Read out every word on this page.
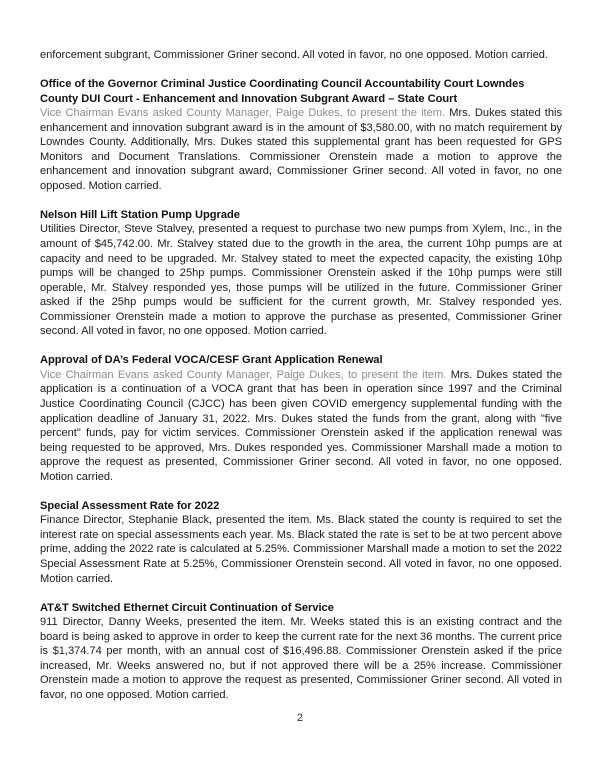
enforcement subgrant, Commissioner Griner second. All voted in favor, no one opposed. Motion carried.

Office of the Governor Criminal Justice Coordinating Council Accountability Court Lowndes County DUI Court - Enhancement and Innovation Subgrant Award – State Court

Vice Chairman Evans asked County Manager, Paige Dukes, to present the item. Mrs. Dukes stated this enhancement and innovation subgrant award is in the amount of $3,580.00, with no match requirement by Lowndes County. Additionally, Mrs. Dukes stated this supplemental grant has been requested for GPS Monitors and Document Translations. Commissioner Orenstein made a motion to approve the enhancement and innovation subgrant award, Commissioner Griner second. All voted in favor, no one opposed. Motion carried.

Nelson Hill Lift Station Pump Upgrade

Utilities Director, Steve Stalvey, presented a request to purchase two new pumps from Xylem, Inc., in the amount of $45,742.00. Mr. Stalvey stated due to the growth in the area, the current 10hp pumps are at capacity and need to be upgraded. Mr. Stalvey stated to meet the expected capacity, the existing 10hp pumps will be changed to 25hp pumps. Commissioner Orenstein asked if the 10hp pumps were still operable, Mr. Stalvey responded yes, those pumps will be utilized in the future. Commissioner Griner asked if the 25hp pumps would be sufficient for the current growth, Mr. Stalvey responded yes. Commissioner Orenstein made a motion to approve the purchase as presented, Commissioner Griner second. All voted in favor, no one opposed. Motion carried.

Approval of DA’s Federal VOCA/CESF Grant Application Renewal

Vice Chairman Evans asked County Manager, Paige Dukes, to present the item. Mrs. Dukes stated the application is a continuation of a VOCA grant that has been in operation since 1997 and the Criminal Justice Coordinating Council (CJCC) has been given COVID emergency supplemental funding with the application deadline of January 31, 2022. Mrs. Dukes stated the funds from the grant, along with "five percent" funds, pay for victim services. Commissioner Orenstein asked if the application renewal was being requested to be approved, Mrs. Dukes responded yes. Commissioner Marshall made a motion to approve the request as presented, Commissioner Griner second. All voted in favor, no one opposed. Motion carried.

Special Assessment Rate for 2022

Finance Director, Stephanie Black, presented the item. Ms. Black stated the county is required to set the interest rate on special assessments each year. Ms. Black stated the rate is set to be at two percent above prime, adding the 2022 rate is calculated at 5.25%. Commissioner Marshall made a motion to set the 2022 Special Assessment Rate at 5.25%, Commissioner Orenstein second. All voted in favor, no one opposed. Motion carried.

AT&T Switched Ethernet Circuit Continuation of Service

911 Director, Danny Weeks, presented the item. Mr. Weeks stated this is an existing contract and the board is being asked to approve in order to keep the current rate for the next 36 months. The current price is $1,374.74 per month, with an annual cost of $16,496.88. Commissioner Orenstein asked if the price increased, Mr. Weeks answered no, but if not approved there will be a 25% increase. Commissioner Orenstein made a motion to approve the request as presented, Commissioner Griner second. All voted in favor, no one opposed. Motion carried.

2
